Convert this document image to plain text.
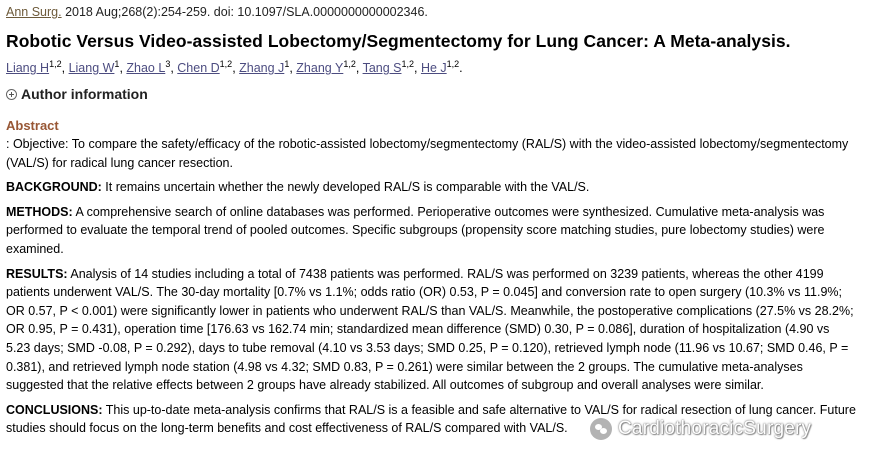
Ann Surg. 2018 Aug;268(2):254-259. doi: 10.1097/SLA.0000000000002346.
Robotic Versus Video-assisted Lobectomy/Segmentectomy for Lung Cancer: A Meta-analysis.
Liang H$^{1,2}$, Liang $W^1$, Zhao $L^3$, Chen D$^{1,2}$, Zhang $J^1$, Zhang Y$^{1,2}$, Tang S$^{1,2}$, He J$^{1,2}$.
Author information
Abstract

: Objective: To compare the safety/efficacy of the robotic-assisted lobectomy/segmentectomy (RAL/S) with the video-assisted lobectomy/segmentectomy (VAL/S) for radical lung cancer resection.

BACKGROUND: It remains uncertain whether the newly developed RAL/S is comparable with the VAL/S.

METHODS: A comprehensive search of online databases was performed. Perioperative outcomes were synthesized. Cumulative meta-analysis was performed to evaluate the temporal trend of pooled outcomes. Specific subgroups (propensity score matching studies, pure lobectomy studies) were examined.

RESULTS: Analysis of 14 studies including a total of 7438 patients was performed. RAL/S was performed on 3239 patients, whereas the other 4199 patients underwent VAL/S. The 30-day mortality [0.7% vs 1.1%; odds ratio (OR) 0.53, P = 0.045] and conversion rate to open surgery (10.3% vs 11.9%; OR 0.57, P < 0.001) were significantly lower in patients who underwent RAL/S than VAL/S. Meanwhile, the postoperative complications (27.5% vs 28.2%; OR 0.95, P = 0.431), operation time [176.63 vs 162.74 min; standardized mean difference (SMD) 0.30, P = 0.086], duration of hospitalization (4.90 vs 5.23 days; SMD -0.08, P = 0.292), days to tube removal (4.10 vs 3.53 days; SMD 0.25, P = 0.120), retrieved lymph node (11.96 vs 10.67; SMD 0.46, P = 0.381), and retrieved lymph node station (4.98 vs 4.32; SMD 0.83, P = 0.261) were similar between the 2 groups. The cumulative meta-analyses suggested that the relative effects between 2 groups have already stabilized. All outcomes of subgroup and overall analyses were similar.

CONCLUSIONS: This up-to-date meta-analysis confirms that RAL/S is a feasible and safe alternative to VAL/S for radical resection of lung cancer. Future studies should focus on the long-term benefits and cost effectiveness of RAL/S compared with VAL/S.	CardiothoracicSurgery
